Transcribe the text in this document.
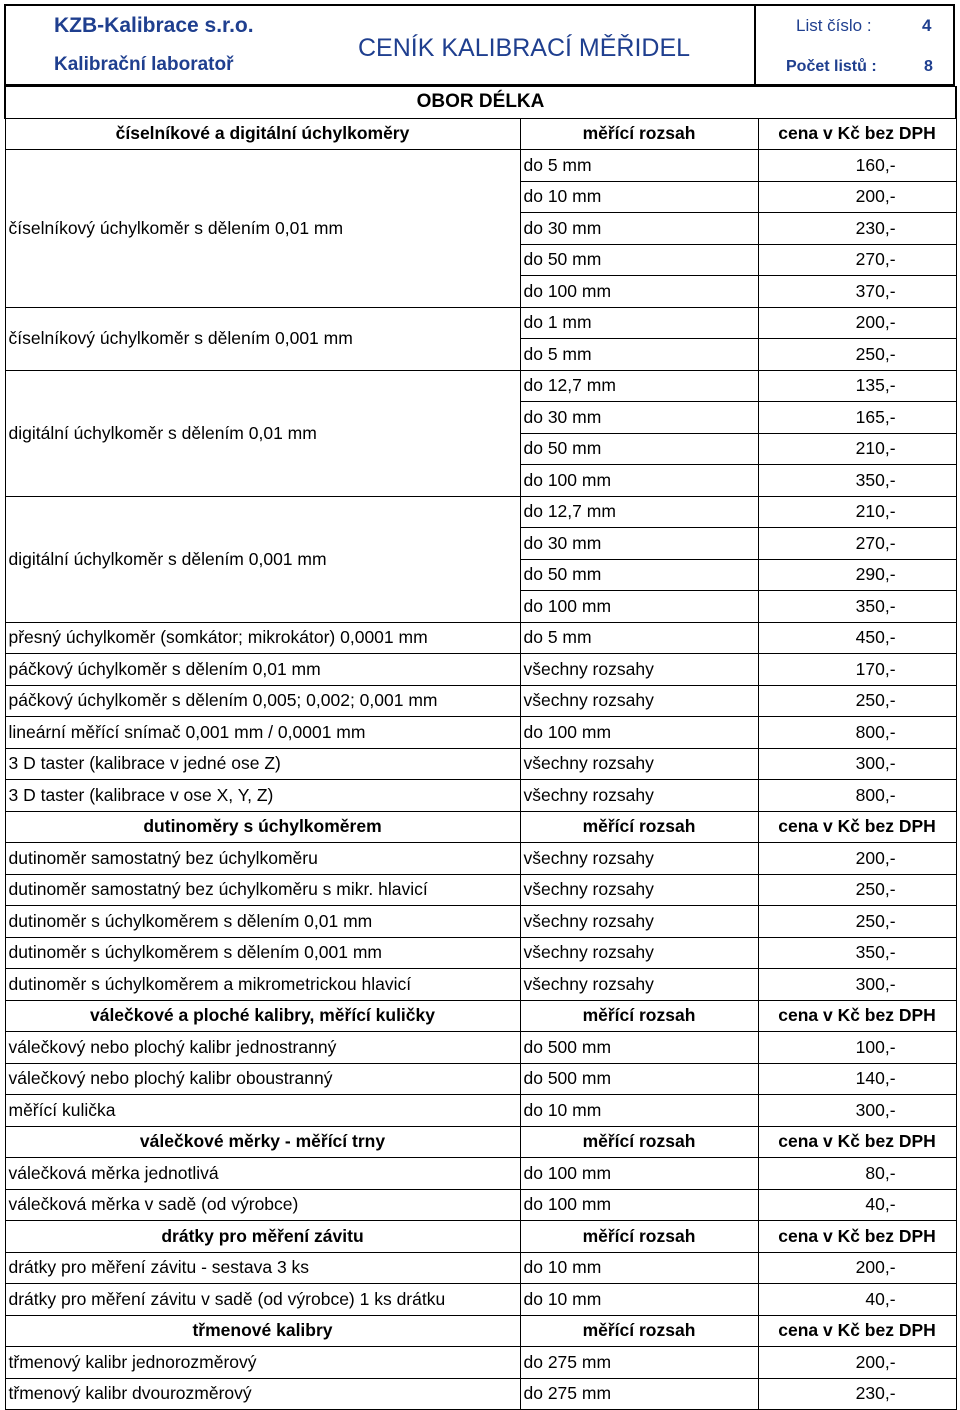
KZB-Kalibrace s.r.o.
Kalibrační laboratoř
CENÍK KALIBRACÍ MĚŘIDEL
List číslo :	4
Počet listů :	8
OBOR DÉLKA		
číselníkové a digitální úchylkoměry	měřící rozsah	cena v Kč bez DPH
číselníkový úchylkoměr s dělením 0,01 mm	do 5 mm	160,-
	do 10 mm	200,-
	do 30 mm	230,-
	do 50 mm	270,-
	do 100 mm	370,-
číselníkový úchylkoměr s dělením 0,001 mm	do 1 mm	200,-
	do 5 mm	250,-
digitální úchylkoměr s dělením 0,01 mm	do 12,7 mm	135,-
	do 30 mm	165,-
	do 50 mm	210,-
	do 100 mm	350,-
digitální úchylkoměr s dělením 0,001 mm	do 12,7 mm	210,-
	do 30 mm	270,-
	do 50 mm	290,-
	do 100 mm	350,-
přesný úchylkoměr (somkátor; mikrokátor) 0,0001 mm	do 5 mm	450,-
páčkový úchylkoměr s dělením 0,01 mm	všechny rozsahy	170,-
páčkový úchylkoměr s dělením 0,005; 0,002; 0,001 mm	všechny rozsahy	250,-
lineární měřící snímač 0,001 mm / 0,0001 mm	do 100 mm	800,-
3 D taster (kalibrace v jedné ose Z)	všechny rozsahy	300,-
3 D taster (kalibrace v ose X, Y, Z)	všechny rozsahy	800,-
dutinoměry s úchylkoměrem	měřící rozsah	cena v Kč bez DPH
dutinoměr samostatný bez úchylkoměru	všechny rozsahy	200,-
dutinoměr samostatný bez úchylkoměru s mikr. hlavicí	všechny rozsahy	250,-
dutinoměr s úchylkoměrem s dělením 0,01 mm	všechny rozsahy	250,-
dutinoměr s úchylkoměrem s dělením 0,001 mm	všechny rozsahy	350,-
dutinoměr s úchylkoměrem a mikrometrickou hlavicí	všechny rozsahy	300,-
válečkové a ploché kalibry, měřící kuličky	měřící rozsah	cena v Kč bez DPH
válečkový nebo plochý kalibr jednostranný	do 500 mm	100,-
válečkový nebo plochý kalibr oboustranný	do 500 mm	140,-
měřící kulička	do 10 mm	300,-
válečkové měrky - měřící trny	měřící rozsah	cena v Kč bez DPH
válečková měrka jednotlivá	do 100 mm	80,-
válečková měrka v sadě (od výrobce)	do 100 mm	40,-
drátky pro měření závitu	měřící rozsah	cena v Kč bez DPH
drátky pro měření závitu - sestava 3 ks	do 10 mm	200,-
drátky pro měření závitu v sadě (od výrobce) 1 ks drátku	do 10 mm	40,-
třmenové kalibry	měřící rozsah	cena v Kč bez DPH
třmenový kalibr jednorozměrový	do 275 mm	200,-
třmenový kalibr dvourozměrový	do 275 mm	230,-
